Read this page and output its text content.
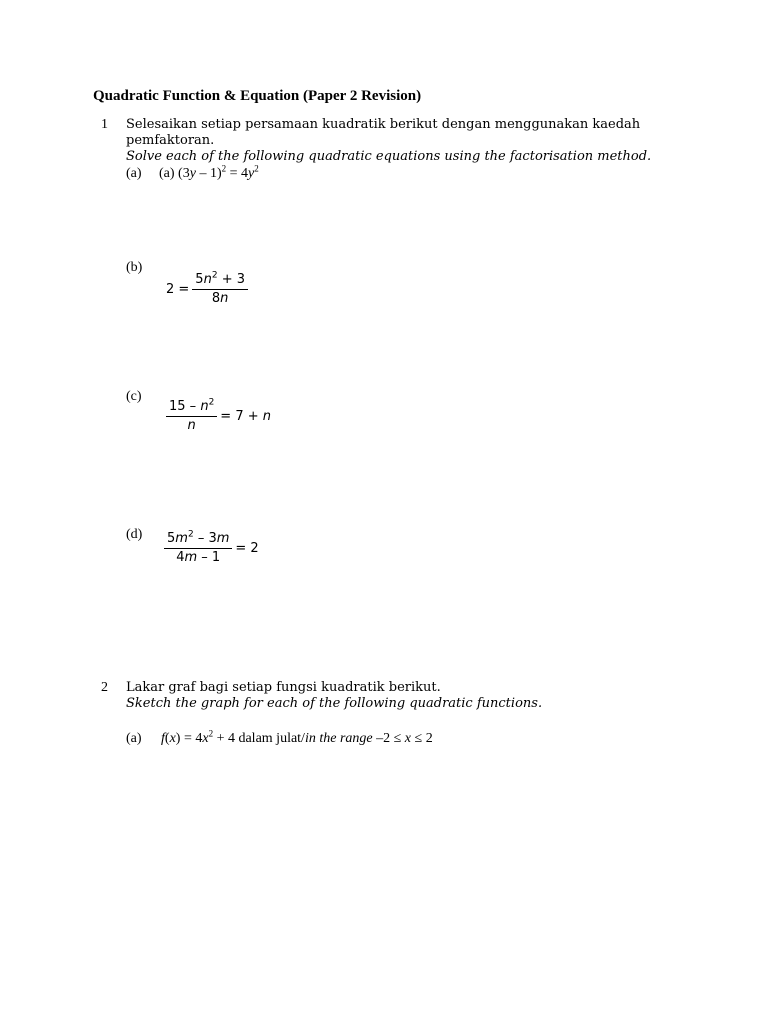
Quadratic Function & Equation (Paper 2 Revision)
1 Selesaikan setiap persamaan kuadratik berikut dengan menggunakan kaedah
pemfaktoran.
Solve each of the following quadratic equations using the factorisation method.
(a) (a) $(3y - 1)^2 = 4y^2$
(b)
$2 = \frac{5n^2 + 3}{8n}$
(c)
$\frac{15 - n^2}{n} = 7 + n$
$(d) \frac{5m^2 - 3m}{4m - 1} = 2$
2 Lakar graf bagi setiap fungsi kuadratik berikut.
Sketch the graph for each of the following quadratic functions.
(a) $f(x) = 4x^2 + 4$ dalam julat/in the range –2 ≤ x ≤ 2
